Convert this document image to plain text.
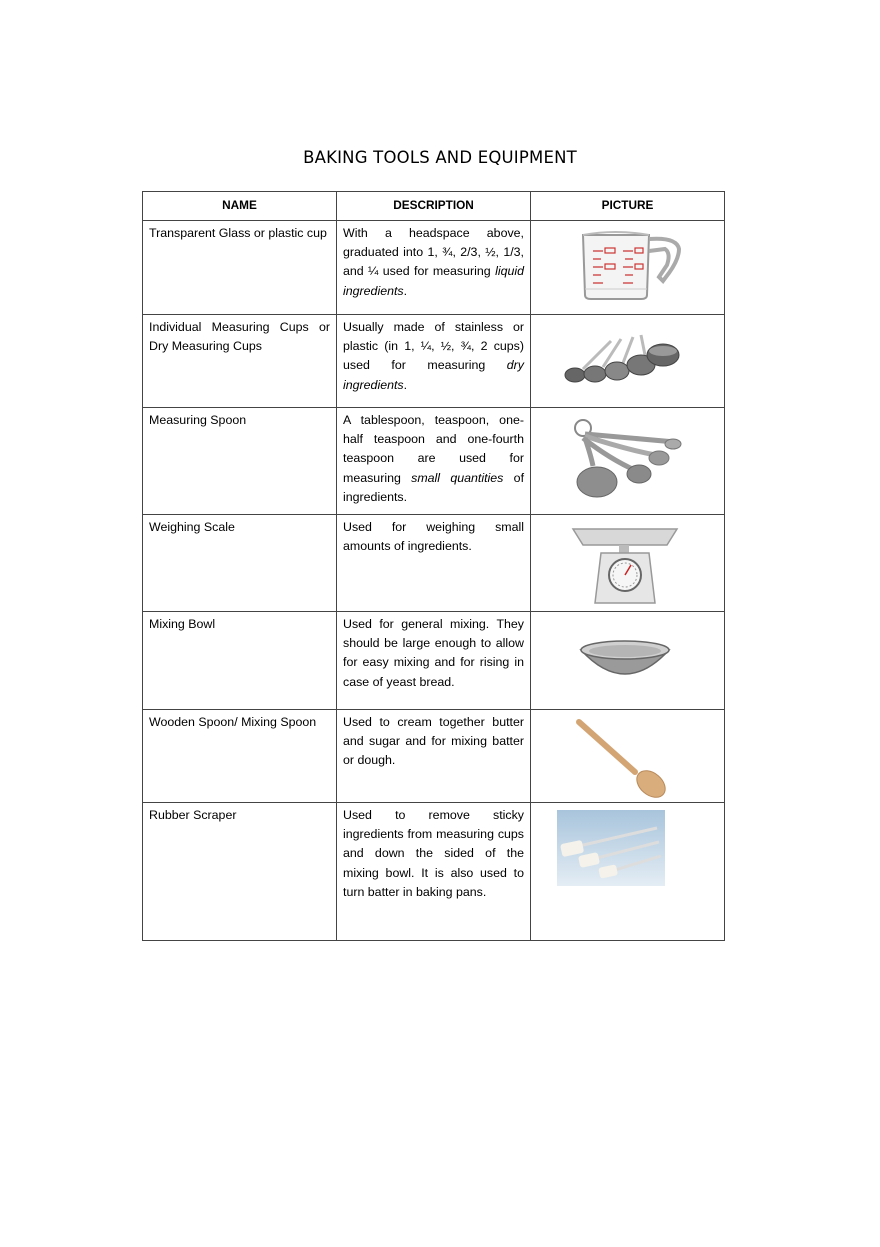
BAKING TOOLS AND EQUIPMENT
NAME	DESCRIPTION	PICTURE
Transparent Glass or plastic cup	With a headspace above, graduated into 1, ¾, 2/3, ½, 1/3, and ¼ used for measuring liquid ingredients.	

Individual Measuring Cups or Dry Measuring Cups	Usually made of stainless or plastic (in 1, ¼, ½, ¾, 2 cups) used for measuring dry ingredients.	

Measuring Spoon	A tablespoon, teaspoon, one-half teaspoon and one-fourth teaspoon are used for measuring small quantities of ingredients.	

Weighing Scale	Used for weighing small amounts of ingredients.	

Mixing Bowl	Used for general mixing. They should be large enough to allow for easy mixing and for rising in case of yeast bread.	

Wooden Spoon/ Mixing Spoon	Used to cream together butter and sugar and for mixing batter or dough.	

Rubber Scraper	Used to remove sticky ingredients from measuring cups and down the sided of the mixing bowl. It is also used to turn batter in baking pans.	
